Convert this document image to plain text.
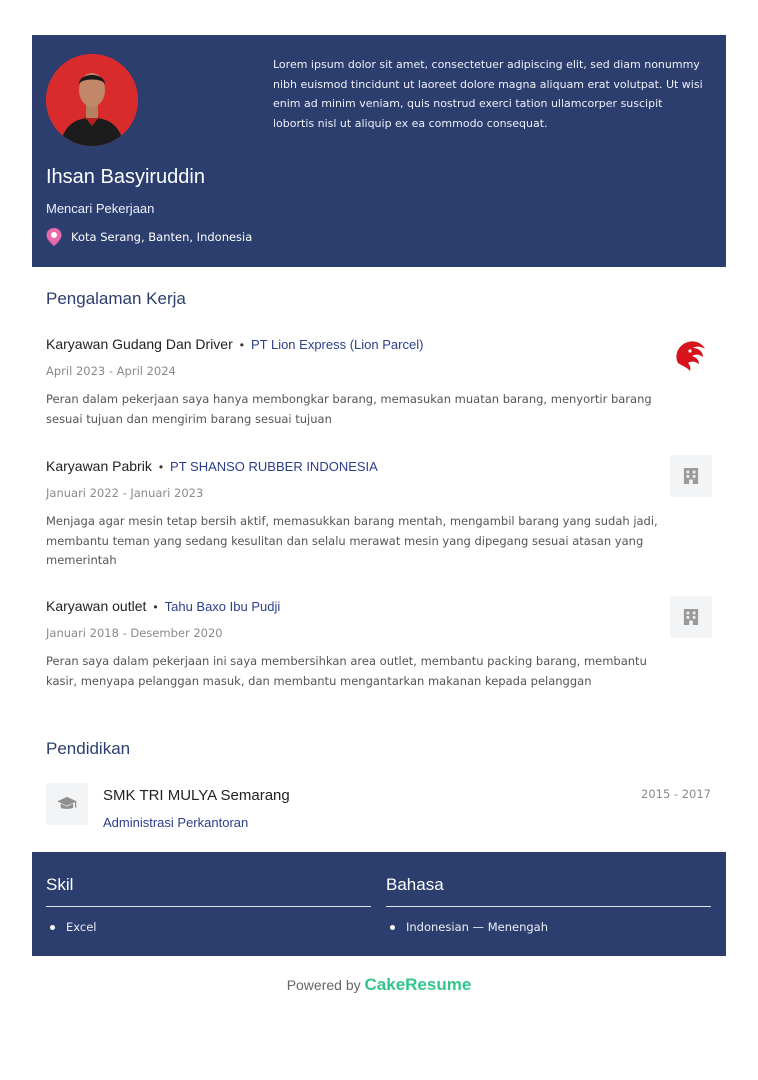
Ihsan Basyiruddin
Mencari Pekerjaan
Kota Serang, Banten, Indonesia
Lorem ipsum dolor sit amet, consectetuer adipiscing elit, sed diam nonummy nibh euismod tincidunt ut laoreet dolore magna aliquam erat volutpat. Ut wisi enim ad minim veniam, quis nostrud exerci tation ullamcorper suscipit lobortis nisl ut aliquip ex ea commodo consequat.
Pengalaman Kerja
Karyawan Gudang Dan Driver • PT Lion Express (Lion Parcel)
April 2023 - April 2024
Peran dalam pekerjaan saya hanya membongkar barang, memasukan muatan barang, menyortir barang sesuai tujuan dan mengirim barang sesuai tujuan
Karyawan Pabrik • PT SHANSO RUBBER INDONESIA
Januari 2022 - Januari 2023
Menjaga agar mesin tetap bersih aktif, memasukkan barang mentah, mengambil barang yang sudah jadi, membantu teman yang sedang kesulitan dan selalu merawat mesin yang dipegang sesuai atasan yang memerintah
Karyawan outlet • Tahu Baxo Ibu Pudji
Januari 2018 - Desember 2020
Peran saya dalam pekerjaan ini saya membersihkan area outlet, membantu packing barang, membantu kasir, menyapa pelanggan masuk, dan membantu mengantarkan makanan kepada pelanggan
Pendidikan
SMK TRI MULYA Semarang
Administrasi Perkantoran
2015 - 2017
Skil
Excel
Bahasa
Indonesian — Menengah
Powered by CakeResume
